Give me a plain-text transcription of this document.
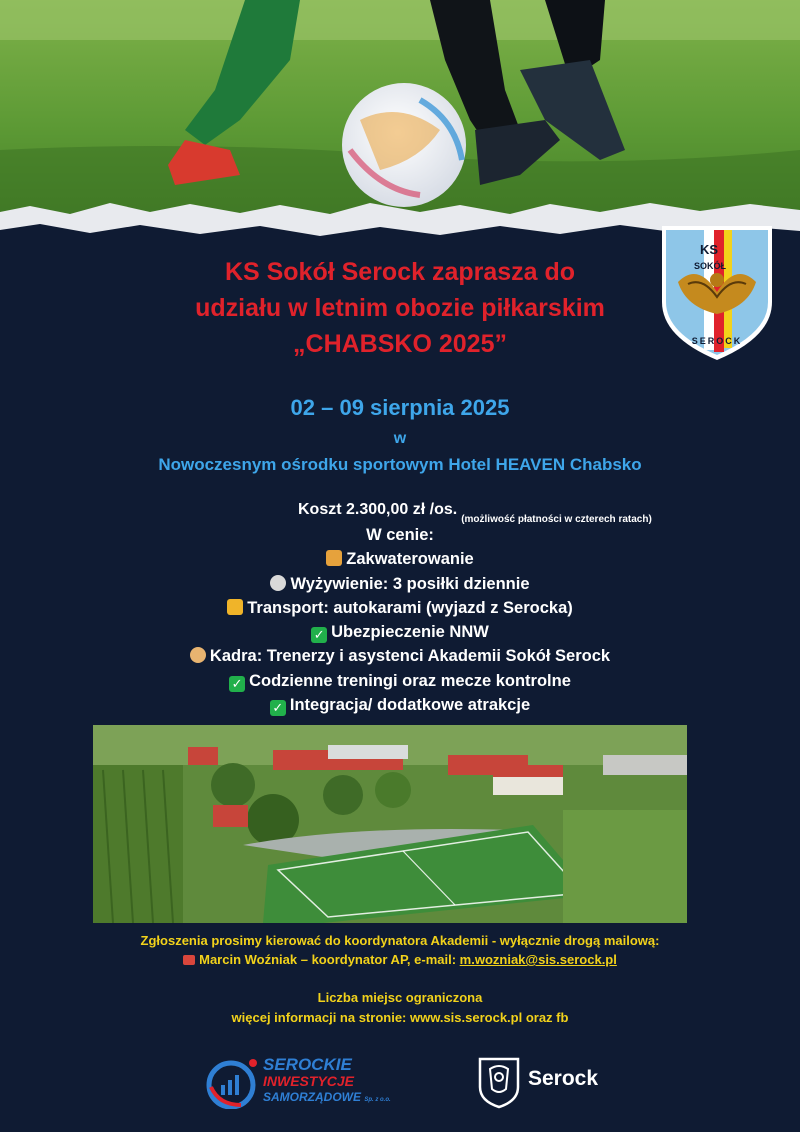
KS
SOKÓŁ
SEROCK
KS Sokół Serock zaprasza do
udziału w letnim obozie piłkarskim
„CHABSKO 2025”
02 – 09 sierpnia 2025
w
Nowoczesnym ośrodku sportowym Hotel HEAVEN Chabsko
Koszt 2.300,00 zł $/os._{(możliwość płatności w czterech ratach)}$
W cenie:
Zakwaterowanie
Wyżywienie: 3 posiłki dziennie
Transport: autokarami (wyjazd z Serocka)
✓ Ubezpieczenie NNW
Kadra: Trenerzy i asystenci Akademii Sokół Serock
✓ Codzienne treningi oraz mecze kontrolne
✓ Integracja/ dodatkowe atrakcje
Zgłoszenia prosimy kierować do koordynatora Akademii - wyłącznie drogą mailową:
Marcin Woźniak – koordynator AP, e-mail: m.wozniak@sis.serock.pl
Liczba miejsc ograniczona
więcej informacji na stronie: www.sis.serock.pl oraz fb
SEROCKIE
INWESTYCJE
SAMORZĄDOWE Sp. z o.o.
Serock
